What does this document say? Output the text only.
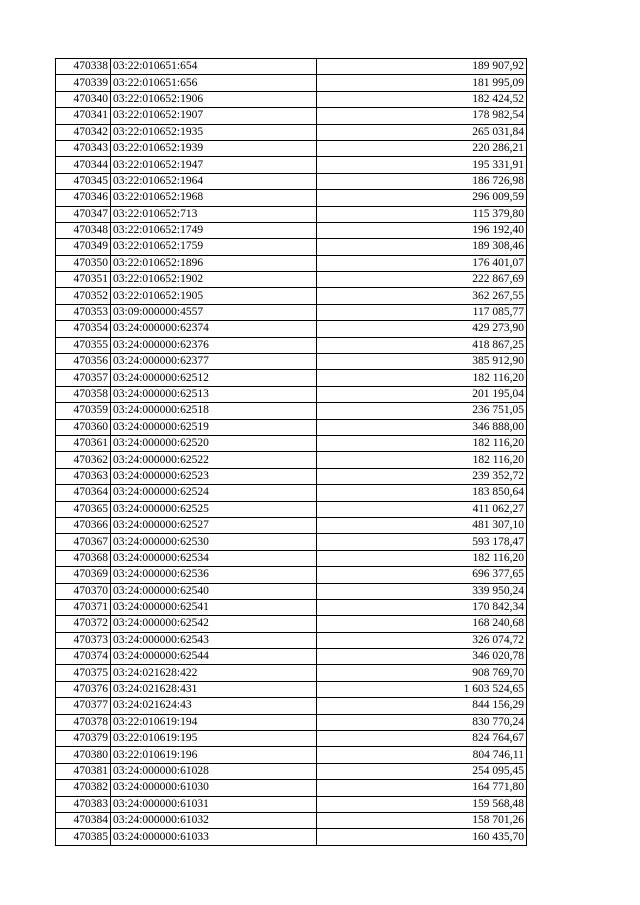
470338	03:22:010651:654	189 907,92
470339	03:22:010651:656	181 995,09
470340	03:22:010652:1906	182 424,52
470341	03:22:010652:1907	178 982,54
470342	03:22:010652:1935	265 031,84
470343	03:22:010652:1939	220 286,21
470344	03:22:010652:1947	195 331,91
470345	03:22:010652:1964	186 726,98
470346	03:22:010652:1968	296 009,59
470347	03:22:010652:713	115 379,80
470348	03:22:010652:1749	196 192,40
470349	03:22:010652:1759	189 308,46
470350	03:22:010652:1896	176 401,07
470351	03:22:010652:1902	222 867,69
470352	03:22:010652:1905	362 267,55
470353	03:09:000000:4557	117 085,77
470354	03:24:000000:62374	429 273,90
470355	03:24:000000:62376	418 867,25
470356	03:24:000000:62377	385 912,90
470357	03:24:000000:62512	182 116,20
470358	03:24:000000:62513	201 195,04
470359	03:24:000000:62518	236 751,05
470360	03:24:000000:62519	346 888,00
470361	03:24:000000:62520	182 116,20
470362	03:24:000000:62522	182 116,20
470363	03:24:000000:62523	239 352,72
470364	03:24:000000:62524	183 850,64
470365	03:24:000000:62525	411 062,27
470366	03:24:000000:62527	481 307,10
470367	03:24:000000:62530	593 178,47
470368	03:24:000000:62534	182 116,20
470369	03:24:000000:62536	696 377,65
470370	03:24:000000:62540	339 950,24
470371	03:24:000000:62541	170 842,34
470372	03:24:000000:62542	168 240,68
470373	03:24:000000:62543	326 074,72
470374	03:24:000000:62544	346 020,78
470375	03:24:021628:422	908 769,70
470376	03:24:021628:431	1 603 524,65
470377	03:24:021624:43	844 156,29
470378	03:22:010619:194	830 770,24
470379	03:22:010619:195	824 764,67
470380	03:22:010619:196	804 746,11
470381	03:24:000000:61028	254 095,45
470382	03:24:000000:61030	164 771,80
470383	03:24:000000:61031	159 568,48
470384	03:24:000000:61032	158 701,26
470385	03:24:000000:61033	160 435,70
